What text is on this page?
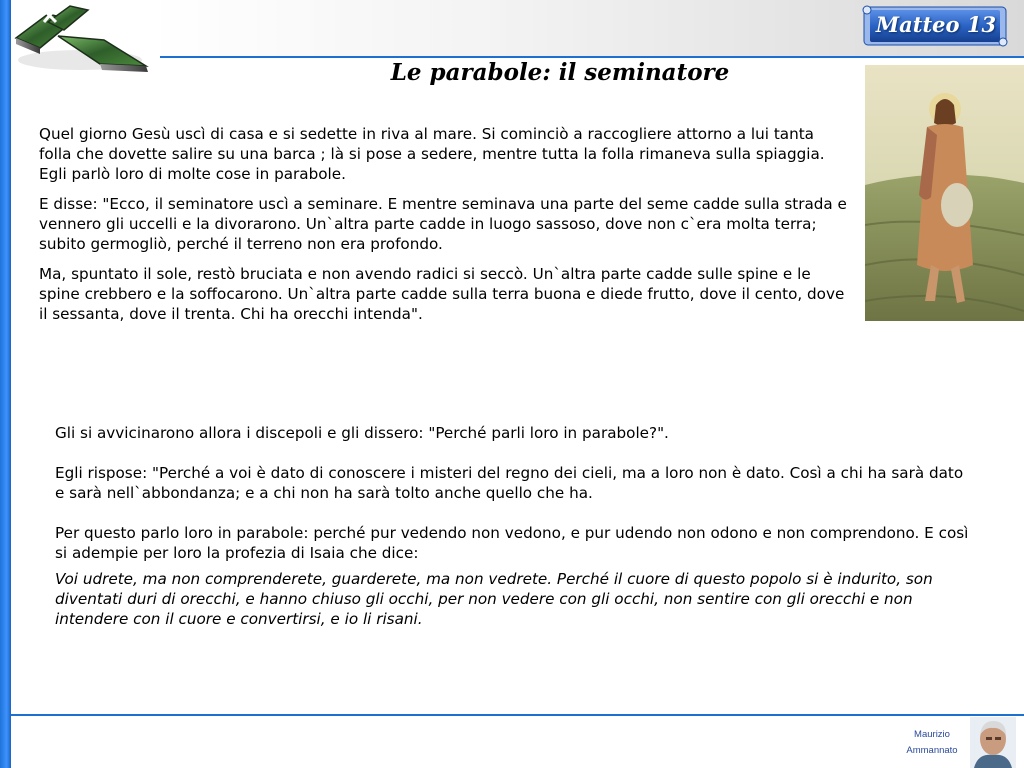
Matteo 13
Le parabole: il seminatore

Quel giorno Gesù uscì di casa e si sedette in riva al mare. Si cominciò a raccogliere attorno a lui tanta folla che dovette salire su una barca ; là si pose a sedere, mentre tutta la folla rimaneva sulla spiaggia. Egli parlò loro di molte cose in parabole.

E disse: "Ecco, il seminatore uscì a seminare. E mentre seminava una parte del seme cadde sulla strada e vennero gli uccelli e la divorarono. Un`altra parte cadde in luogo sassoso, dove non c`era molta terra; subito germogliò, perché il terreno non era profondo.

Ma, spuntato il sole, restò bruciata e non avendo radici si seccò. Un`altra parte cadde sulle spine e le spine crebbero e la soffocarono. Un`altra parte cadde sulla terra buona e diede frutto, dove il cento, dove il sessanta, dove il trenta. Chi ha orecchi intenda".

Gli si avvicinarono allora i discepoli e gli dissero: "Perché parli loro in parabole?".

Egli rispose: "Perché a voi è dato di conoscere i misteri del regno dei cieli, ma a loro non è dato. Così a chi ha sarà dato e sarà nell`abbondanza; e a chi non ha sarà tolto anche quello che ha.

Per questo parlo loro in parabole: perché pur vedendo non vedono, e pur udendo non odono e non comprendono. E così si adempie per loro la profezia di Isaia che dice:

Voi udrete, ma non comprenderete, guarderete, ma non vedrete. Perché il cuore di questo popolo si è indurito, son diventati duri di orecchi, e hanno chiuso gli occhi, per non vedere con gli occhi, non sentire con gli orecchi e non intendere con il cuore e convertirsi, e io li risani.

Maurizio
Ammannato
